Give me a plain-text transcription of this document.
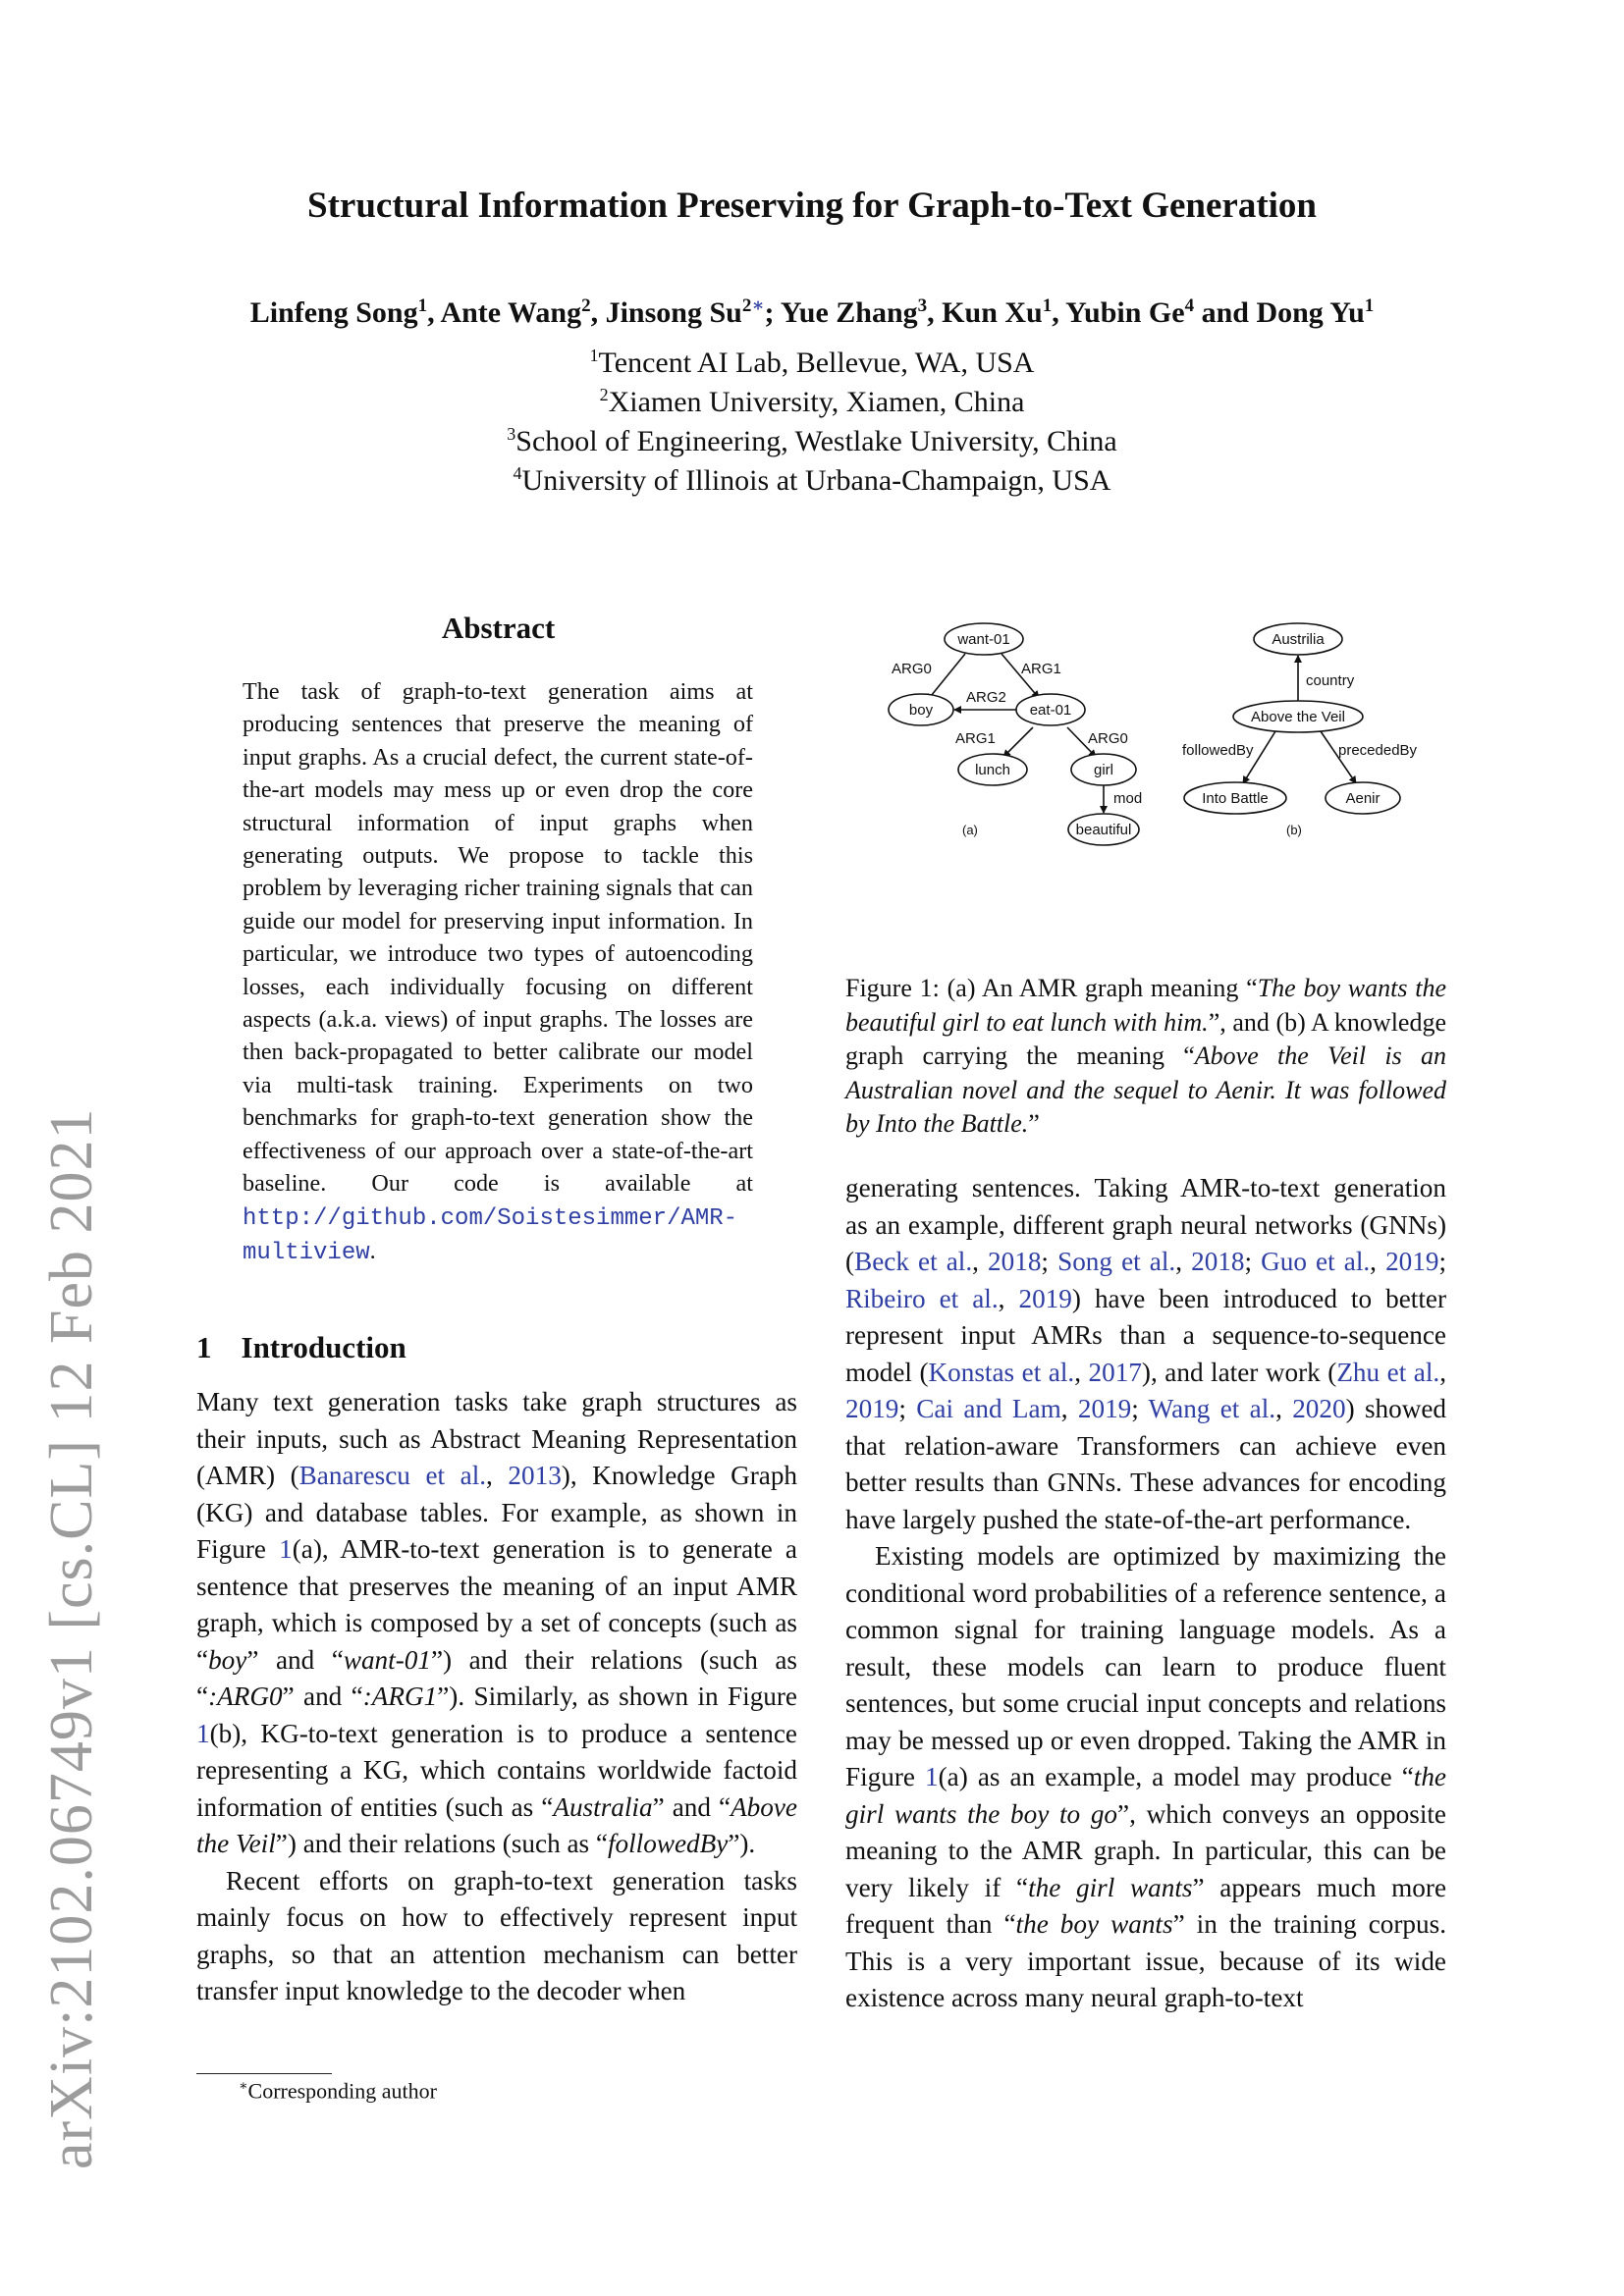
arXiv:2102.06749v1 [cs.CL] 12 Feb 2021
Structural Information Preserving for Graph-to-Text Generation
Linfeng Song$^1$, Ante Wang$^2$, Jinsong $Su^{2∗}$; Yue Zhang$^3$, Kun Xu$^1$, Yubin Ge$^4$ and Dong Yu$^1$
$^1$Tencent AI Lab, Bellevue, WA, USA
$^2$Xiamen University, Xiamen, China
$^3$School of Engineering, Westlake University, China
$^4$University of Illinois at Urbana-Champaign, USA
Abstract
The task of graph-to-text generation aims at producing sentences that preserve the meaning of input graphs. As a crucial defect, the current state-of-the-art models may mess up or even drop the core structural information of input graphs when generating outputs. We propose to tackle this problem by leveraging richer training signals that can guide our model for preserving input information. In particular, we introduce two types of autoencoding losses, each individually focusing on different aspects (a.k.a. views) of input graphs. The losses are then back-propagated to better calibrate our model via multi-task training. Experiments on two benchmarks for graph-to-text generation show the effectiveness of our approach over a state-of-the-art baseline. Our code is available at http://github.com/Soistesimmer/AMR-multiview.
1 Introduction

Many text generation tasks take graph structures as their inputs, such as Abstract Meaning Representation (AMR) (Banarescu et al., 2013), Knowledge Graph (KG) and database tables. For example, as shown in Figure 1(a), AMR-to-text generation is to generate a sentence that preserves the meaning of an input AMR graph, which is composed by a set of concepts (such as “boy” and “want-01”) and their relations (such as “:ARG0” and “:ARG1”). Similarly, as shown in Figure 1(b), KG-to-text generation is to produce a sentence representing a KG, which contains worldwide factoid information of entities (such as “Australia” and “Above the Veil”) and their relations (such as “followedBy”).

Recent efforts on graph-to-text generation tasks mainly focus on how to effectively represent input graphs, so that an attention mechanism can better transfer input knowledge to the decoder when

∗Corresponding author
want-01
boy	eat-01
lunch	girl
beautiful
ARG0	ARG1
ARG2
ARG1	ARG0
mod
(a)
Austrilia
Above the Veil
Into Battle	Aenir
country
followedBy	precededBy
(b)
Figure 1: (a) An AMR graph meaning “The boy wants the beautiful girl to eat lunch with him.”, and (b) A knowledge graph carrying the meaning “Above the Veil is an Australian novel and the sequel to Aenir. It was followed by Into the Battle.”

generating sentences. Taking AMR-to-text generation as an example, different graph neural networks (GNNs) (Beck et al., 2018; Song et al., 2018; Guo et al., 2019; Ribeiro et al., 2019) have been introduced to better represent input AMRs than a sequence-to-sequence model (Konstas et al., 2017), and later work (Zhu et al., 2019; Cai and Lam, 2019; Wang et al., 2020) showed that relation-aware Transformers can achieve even better results than GNNs. These advances for encoding have largely pushed the state-of-the-art performance.

Existing models are optimized by maximizing the conditional word probabilities of a reference sentence, a common signal for training language models. As a result, these models can learn to produce fluent sentences, but some crucial input concepts and relations may be messed up or even dropped. Taking the AMR in Figure 1(a) as an example, a model may produce “the girl wants the boy to go”, which conveys an opposite meaning to the AMR graph. In particular, this can be very likely if “the girl wants” appears much more frequent than “the boy wants” in the training corpus. This is a very important issue, because of its wide existence across many neural graph-to-text
